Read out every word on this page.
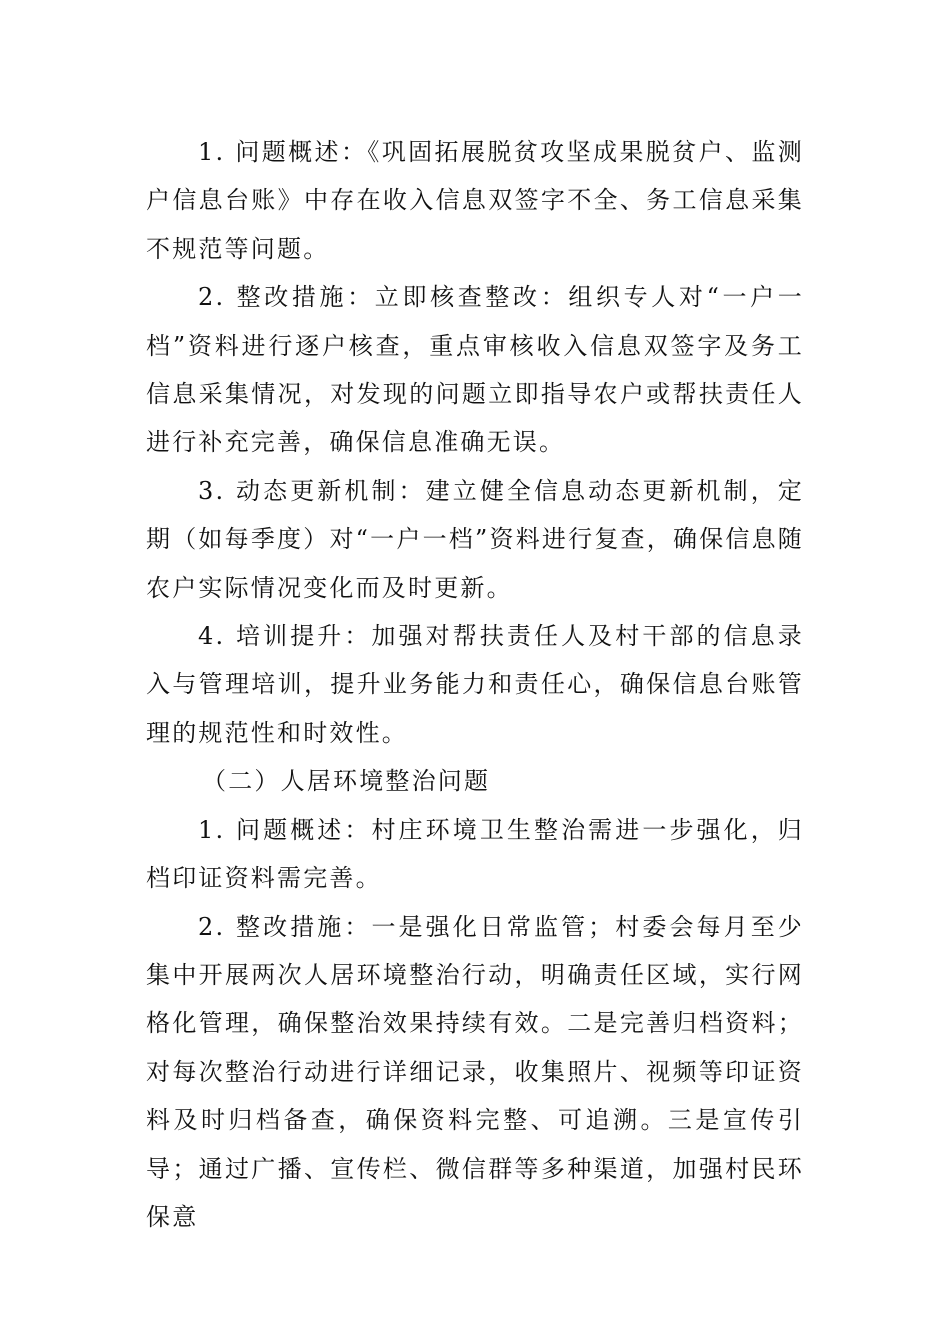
1. 问题概述：《巩固拓展脱贫攻坚成果脱贫户、监测户信息台账》中存在收入信息双签字不全、务工信息采集不规范等问题。

2. 整改措施：立即核查整改：组织专人对“一户一档”资料进行逐户核查，重点审核收入信息双签字及务工信息采集情况，对发现的问题立即指导农户或帮扶责任人进行补充完善，确保信息准确无误。

3. 动态更新机制：建立健全信息动态更新机制，定期（如每季度）对“一户一档”资料进行复查，确保信息随农户实际情况变化而及时更新。

4. 培训提升：加强对帮扶责任人及村干部的信息录入与管理培训，提升业务能力和责任心，确保信息台账管理的规范性和时效性。

（二）人居环境整治问题

1. 问题概述：村庄环境卫生整治需进一步强化，归档印证资料需完善。

2. 整改措施：一是强化日常监管；村委会每月至少集中开展两次人居环境整治行动，明确责任区域，实行网格化管理，确保整治效果持续有效。二是完善归档资料；对每次整治行动进行详细记录，收集照片、视频等印证资料及时归档备查，确保资料完整、可追溯。三是宣传引导；通过广播、宣传栏、微信群等多种渠道，加强村民环保意
